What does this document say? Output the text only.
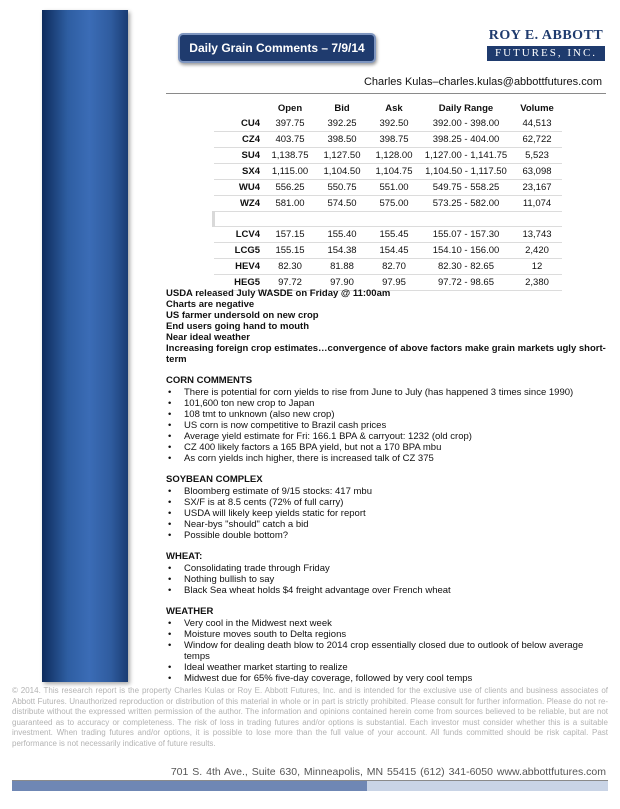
Daily Grain Comments – 7/9/14
ROY E. ABBOTT
FUTURES, INC.
Charles Kulas–charles.kulas@abbottfutures.com
	Open	Bid	Ask	Daily Range	Volume
CU4	397.75	392.25	392.50	392.00 - 398.00	44,513
CZ4	403.75	398.50	398.75	398.25 - 404.00	62,722
SU4	1,138.75	1,127.50	1,128.00	1,127.00 - 1,141.75	5,523
SX4	1,115.00	1,104.50	1,104.75	1,104.50 - 1,117.50	63,098
WU4	556.25	550.75	551.00	549.75 - 558.25	23,167
WZ4	581.00	574.50	575.00	573.25 - 582.00	11,074

LCV4	157.15	155.40	155.45	155.07 - 157.30	13,743
LCG5	155.15	154.38	154.45	154.10 - 156.00	2,420
HEV4	82.30	81.88	82.70	82.30 - 82.65	12
HEG5	97.72	97.90	97.95	97.72 - 98.65	2,380

USDA released July WASDE on Friday @ 11:00am

Charts are negative

US farmer undersold on new crop

End users going hand to mouth

Near ideal weather

Increasing foreign crop estimates…convergence of above factors make grain markets ugly short-term

CORN COMMENTS
• There is potential for corn yields to rise from June to July (has happened 3 times since 1990)
• 101,600 ton new crop to Japan
• 108 tmt to unknown (also new crop)
• US corn is now competitive to Brazil cash prices
• Average yield estimate for Fri: 166.1 BPA & carryout: 1232 (old crop)
• CZ 400 likely factors a 165 BPA yield, but not a 170 BPA mbu
• As corn yields inch higher, there is increased talk of CZ 375
SOYBEAN COMPLEX
• Bloomberg estimate of 9/15 stocks: 417 mbu
• SX/F is at 8.5 cents (72% of full carry)
• USDA will likely keep yields static for report
• Near-bys "should" catch a bid
• Possible double bottom?
WHEAT:
• Consolidating trade through Friday
• Nothing bullish to say
• Black Sea wheat holds $4 freight advantage over French wheat
WEATHER
• Very cool in the Midwest next week
• Moisture moves south to Delta regions
• Window for dealing death blow to 2014 crop essentially closed due to outlook of below average temps
• Ideal weather market starting to realize
• Midwest due for 65% five-day coverage, followed by very cool temps
© 2014. This research report is the property Charles Kulas or Roy E. Abbott Futures, Inc. and is intended for the exclusive use of clients and business associates of Abbott Futures. Unauthorized reproduction or distribution of this material in whole or in part is strictly prohibited. Please consult for further information. Please do not re-distribute without the expressed written permission of the author. The information and opinions contained herein come from sources believed to be reliable, but are not guaranteed as to accuracy or completeness. The risk of loss in trading futures and/or options is substantial. Each investor must consider whether this is a suitable investment. When trading futures and/or options, it is possible to lose more than the full value of your account. All funds committed should be risk capital. Past performance is not necessarily indicative of future results.
701 S. 4th Ave., Suite 630, Minneapolis, MN 55415 (612) 341-6050 www.abbottfutures.com
